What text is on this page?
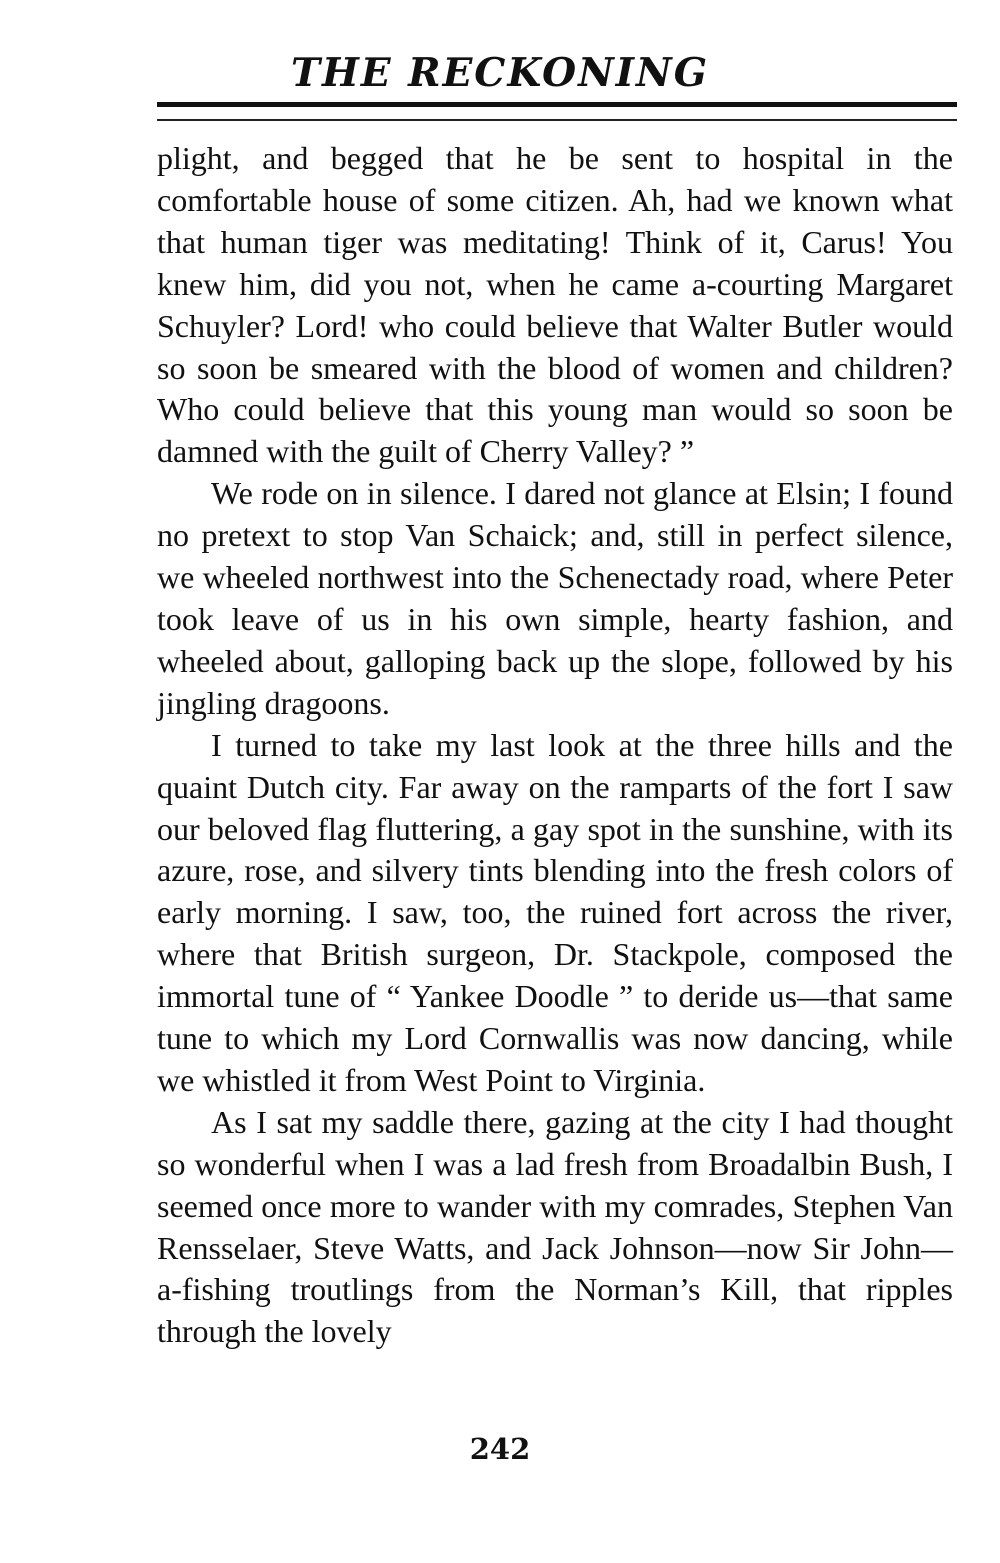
THE RECKONING

plight, and begged that he be sent to hospital in the comfortable house of some citizen. Ah, had we known what that human tiger was meditating! Think of it, Carus! You knew him, did you not, when he came a-courting Margaret Schuyler? Lord! who could believe that Walter Butler would so soon be smeared with the blood of women and children? Who could believe that this young man would so soon be damned with the guilt of Cherry Valley? ”

We rode on in silence. I dared not glance at Elsin; I found no pretext to stop Van Schaick; and, still in perfect silence, we wheeled northwest into the Schenectady road, where Peter took leave of us in his own simple, hearty fashion, and wheeled about, galloping back up the slope, followed by his jingling dragoons.

I turned to take my last look at the three hills and the quaint Dutch city. Far away on the ramparts of the fort I saw our beloved flag fluttering, a gay spot in the sunshine, with its azure, rose, and silvery tints blending into the fresh colors of early morning. I saw, too, the ruined fort across the river, where that British surgeon, Dr. Stackpole, composed the immortal tune of “ Yankee Doodle ” to deride us—that same tune to which my Lord Cornwallis was now dancing, while we whistled it from West Point to Virginia.

As I sat my saddle there, gazing at the city I had thought so wonderful when I was a lad fresh from Broadalbin Bush, I seemed once more to wander with my comrades, Stephen Van Rensselaer, Steve Watts, and Jack Johnson—now Sir John—a-fishing troutlings from the Norman’s Kill, that ripples through the lovely

242
